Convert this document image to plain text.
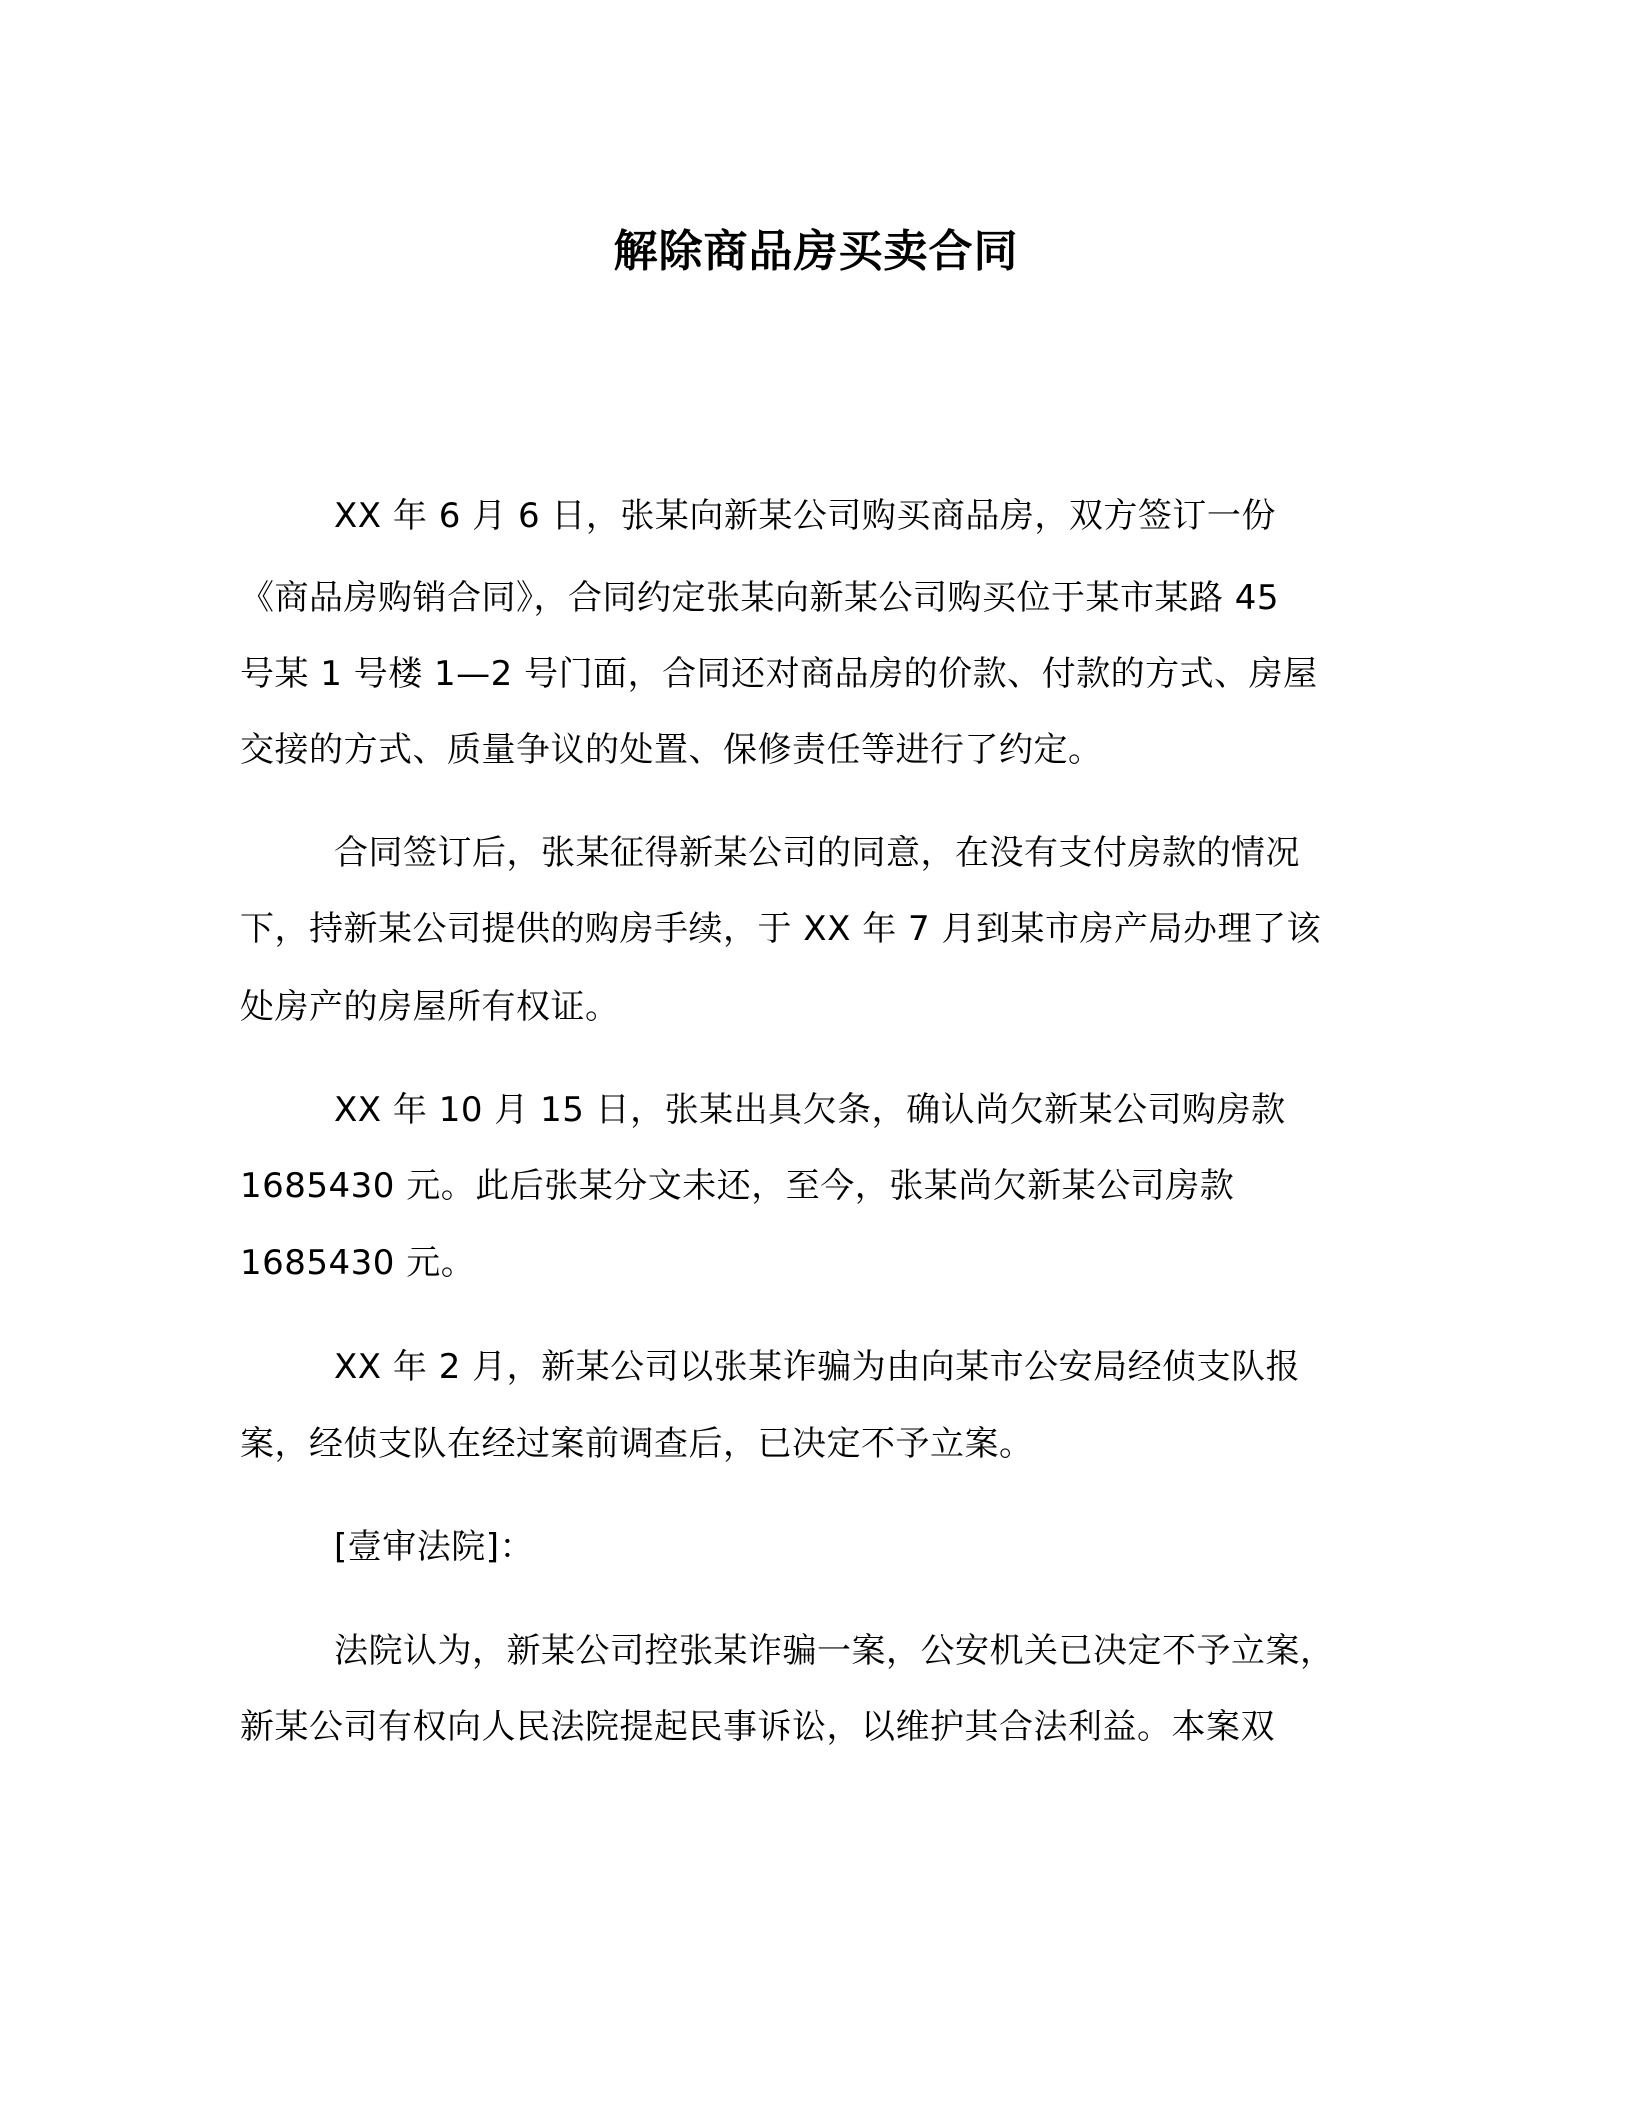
解除商品房买卖合同

XX 年 6 月 6 日，张某向新某公司购买商品房，双方签订一份

《商品房购销合同》，合同约定张某向新某公司购买位于某市某路 45

号某 1 号楼 1—2 号门面，合同还对商品房的价款、付款的方式、房屋

交接的方式、质量争议的处置、保修责任等进行了约定。

合同签订后，张某征得新某公司的同意，在没有支付房款的情况

下，持新某公司提供的购房手续，于 XX 年 7 月到某市房产局办理了该

处房产的房屋所有权证。

XX 年 10 月 15 日，张某出具欠条，确认尚欠新某公司购房款

1685430 元。此后张某分文未还，至今，张某尚欠新某公司房款

1685430 元。

XX 年 2 月，新某公司以张某诈骗为由向某市公安局经侦支队报

案，经侦支队在经过案前调查后，已决定不予立案。

[壹审法院]：

法院认为，新某公司控张某诈骗一案，公安机关已决定不予立案，

新某公司有权向人民法院提起民事诉讼，以维护其合法利益。本案双
